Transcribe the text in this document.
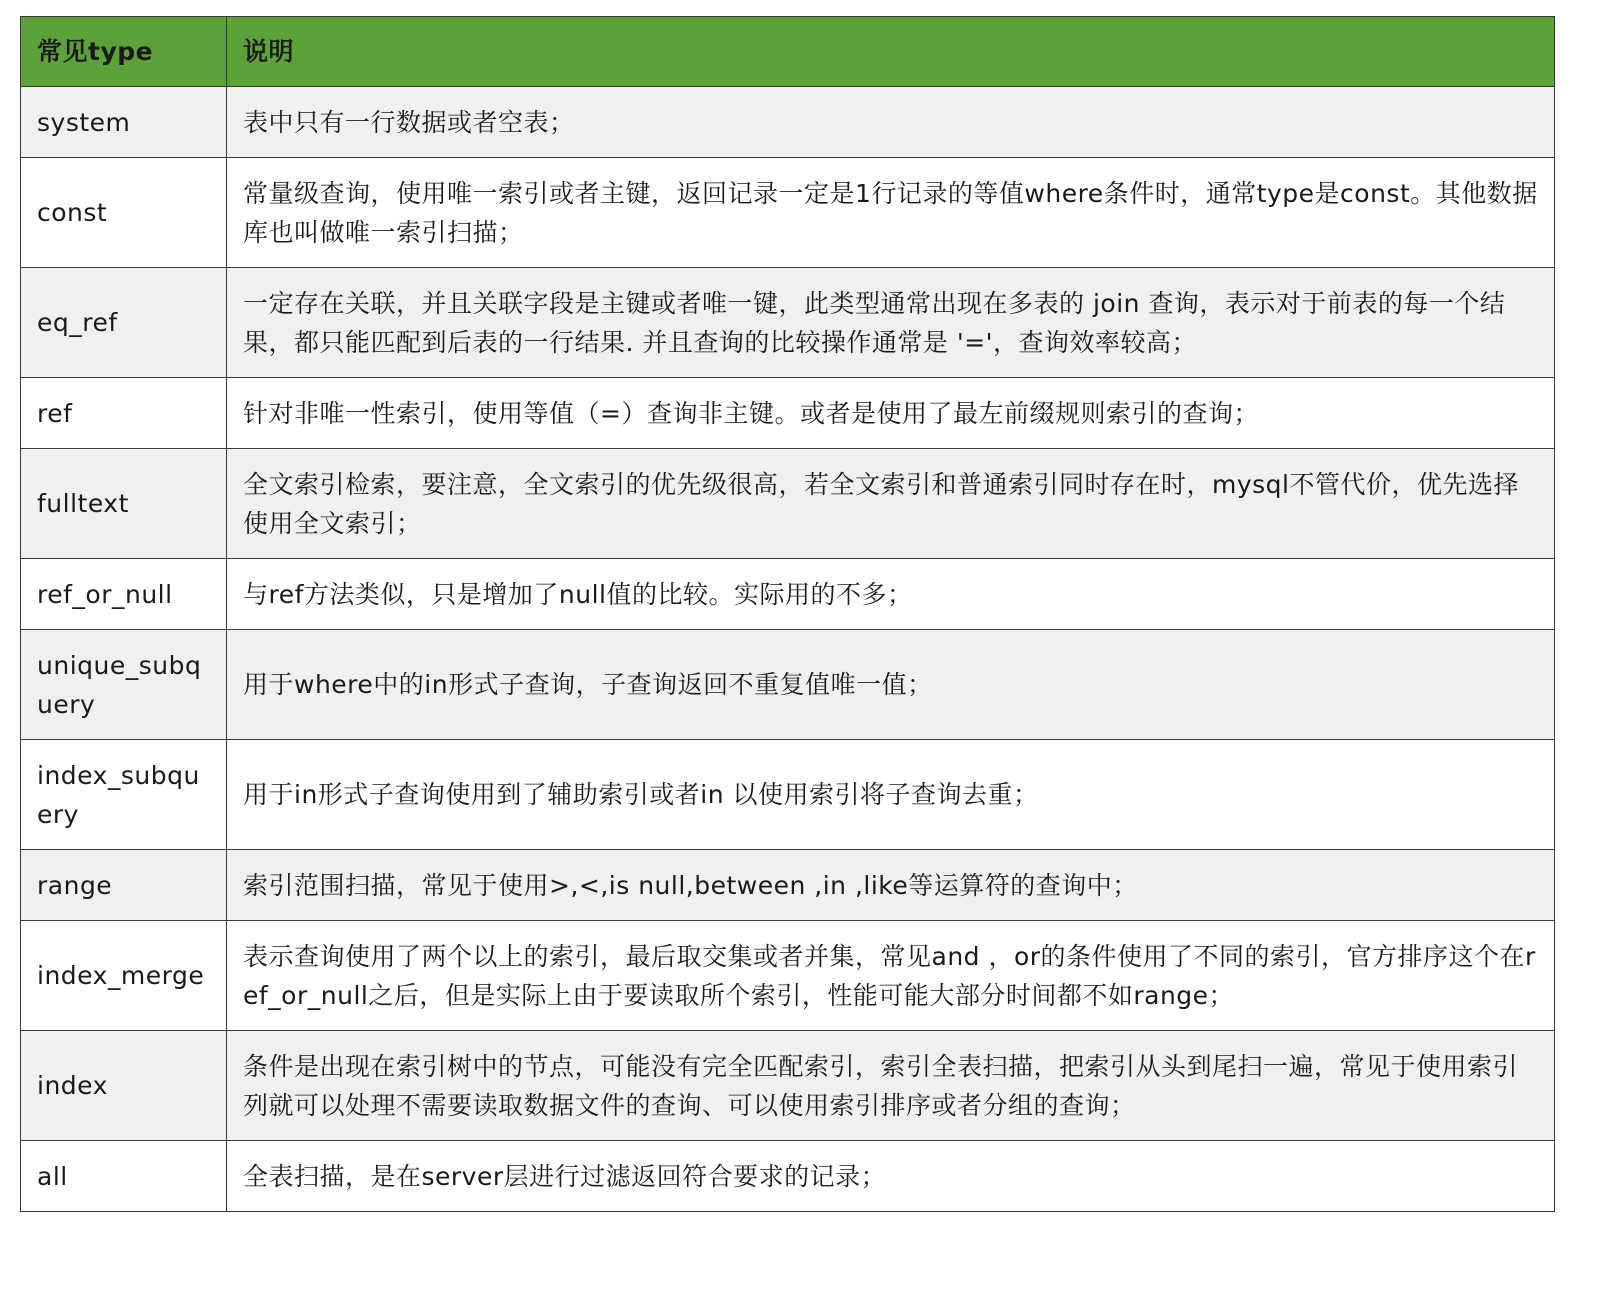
常见type	说明
system	表中只有一行数据或者空表；
const	常量级查询，使用唯一索引或者主键，返回记录一定是1行记录的等值where条件时，通常type是const。其他数据库也叫做唯一索引扫描；
eq_ref	一定存在关联，并且关联字段是主键或者唯一键，此类型通常出现在多表的 join 查询，表示对于前表的每一个结果，都只能匹配到后表的一行结果. 并且查询的比较操作通常是 '='，查询效率较高；
ref	针对非唯一性索引，使用等值（=）查询非主键。或者是使用了最左前缀规则索引的查询；
fulltext	全文索引检索，要注意，全文索引的优先级很高，若全文索引和普通索引同时存在时，mysql不管代价，优先选择使用全文索引；
ref_or_null	与ref方法类似，只是增加了null值的比较。实际用的不多；
unique_subquery	用于where中的in形式子查询，子查询返回不重复值唯一值；
index_subquery	用于in形式子查询使用到了辅助索引或者in 以使用索引将子查询去重；
range	索引范围扫描，常见于使用>,<,is null,between ,in ,like等运算符的查询中；
index_merge	表示查询使用了两个以上的索引，最后取交集或者并集，常见and ，or的条件使用了不同的索引，官方排序这个在ref_or_null之后，但是实际上由于要读取所个索引，性能可能大部分时间都不如range；
index	条件是出现在索引树中的节点，可能没有完全匹配索引，索引全表扫描，把索引从头到尾扫一遍，常见于使用索引列就可以处理不需要读取数据文件的查询、可以使用索引排序或者分组的查询；
all	全表扫描，是在server层进行过滤返回符合要求的记录；
